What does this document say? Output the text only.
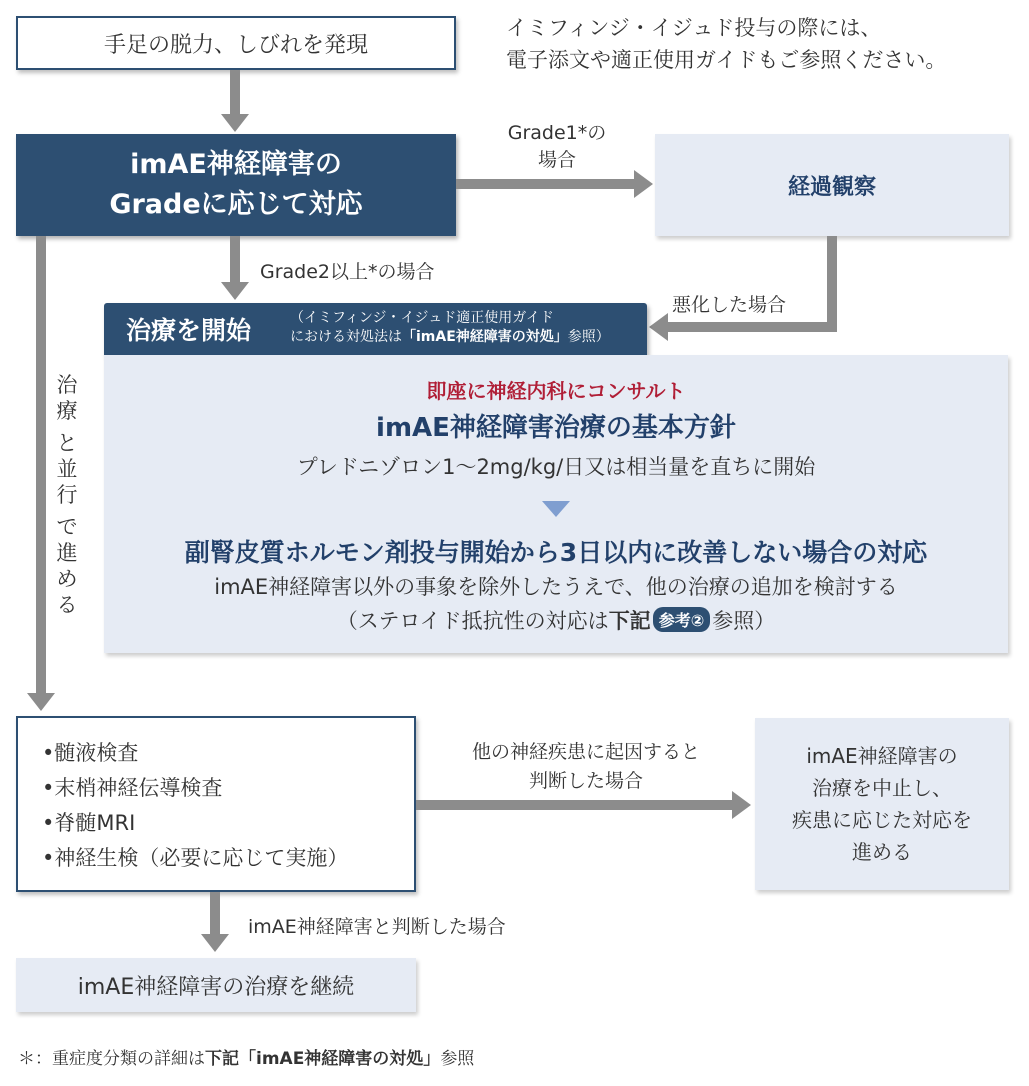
イミフィンジ・イジュド投与の際には、
電子添文や適正使用ガイドもご参照ください。
手足の脱力、しびれを発現
imAE神経障害の
Gradeに応じて対応
Grade1*の
場合
経過観察
悪化した場合
Grade2以上*の場合
治
療
と
並
行
で
進
め
る
治療を開始	（イミフィンジ・イジュド適正使用ガイド
における対処法は「imAE神経障害の対処」参照）
即座に神経内科にコンサルト
imAE神経障害治療の基本方針
プレドニゾロン1〜2mg/kg/日又は相当量を直ちに開始
副腎皮質ホルモン剤投与開始から3日以内に改善しない場合の対応
imAE神経障害以外の事象を除外したうえで、他の治療の追加を検討する
（ステロイド抵抗性の対応は下記 参考② 参照）
•髄液検査
•末梢神経伝導検査
•脊髄MRI
•神経生検（必要に応じて実施）
他の神経疾患に起因すると
判断した場合
imAE神経障害の
治療を中止し、
疾患に応じた対応を
進める
imAE神経障害と判断した場合
imAE神経障害の治療を継続
＊：重症度分類の詳細は下記「imAE神経障害の対処」参照
